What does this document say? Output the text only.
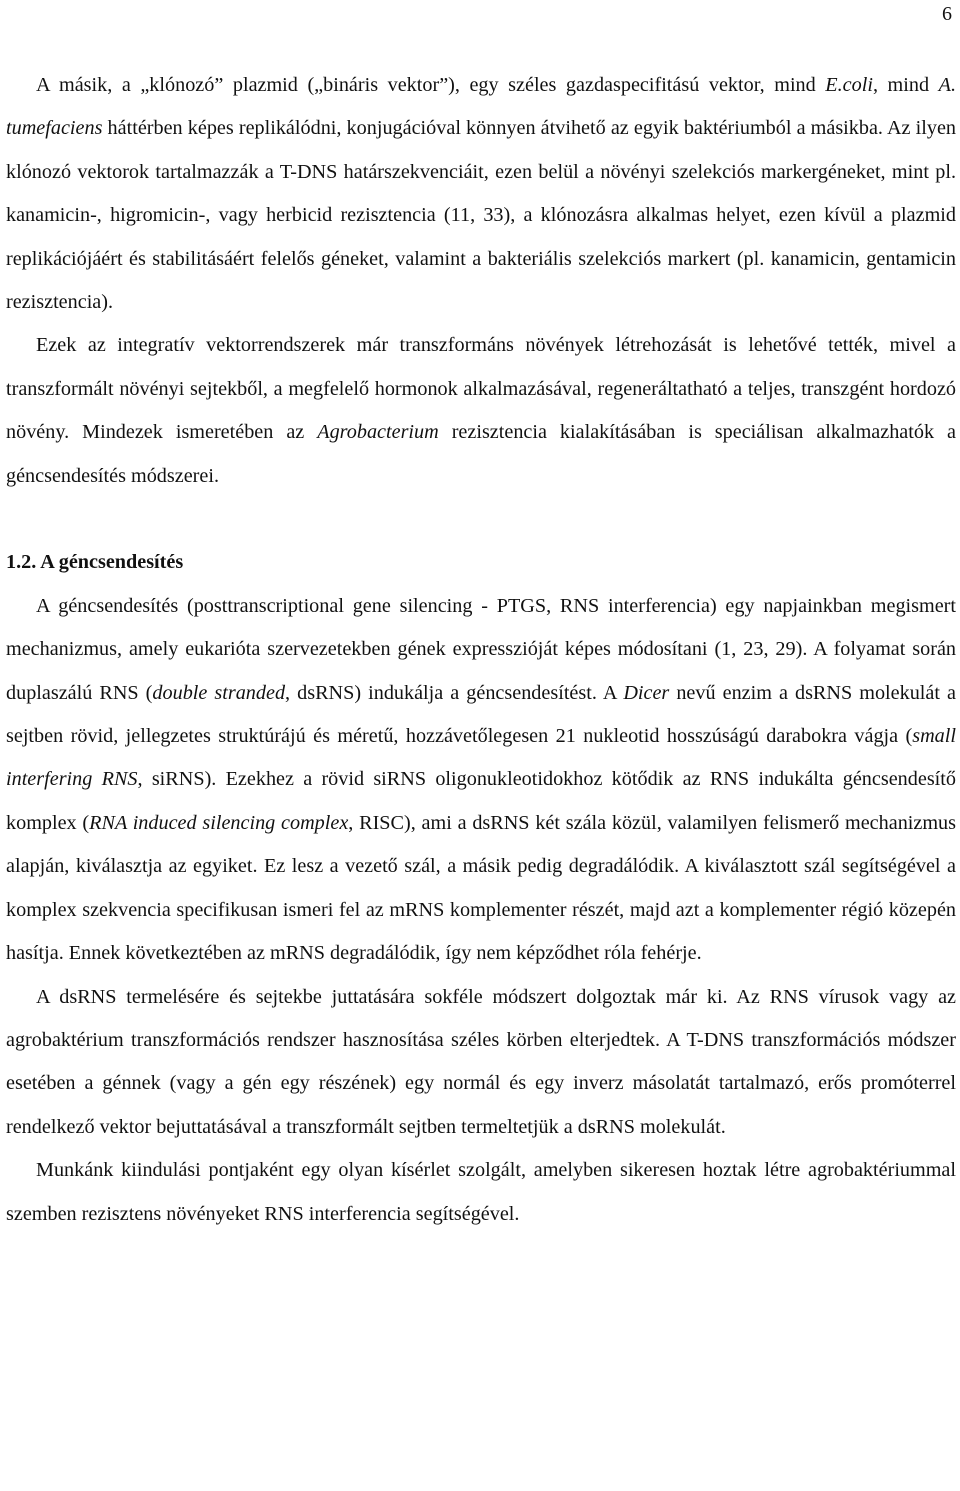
6

A másik, a „klónozó” plazmid („bináris vektor”), egy széles gazdaspecifitású vektor, mind E.coli, mind A. tumefaciens háttérben képes replikálódni, konjugációval könnyen átvihető az egyik baktériumból a másikba. Az ilyen klónozó vektorok tartalmazzák a T-DNS határszekvenciáit, ezen belül a növényi szelekciós markergéneket, mint pl. kanamicin-, higromicin-, vagy herbicid rezisztencia (11, 33), a klónozásra alkalmas helyet, ezen kívül a plazmid replikációjáért és stabilitásáért felelős géneket, valamint a bakteriális szelekciós markert (pl. kanamicin, gentamicin rezisztencia).

Ezek az integratív vektorrendszerek már transzformáns növények létrehozását is lehetővé tették, mivel a transzformált növényi sejtekből, a megfelelő hormonok alkalmazásával, regeneráltatható a teljes, transzgént hordozó növény. Mindezek ismeretében az Agrobacterium rezisztencia kialakításában is speciálisan alkalmazhatók a géncsendesítés módszerei.

1.2. A géncsendesítés

A géncsendesítés (posttranscriptional gene silencing - PTGS, RNS interferencia) egy napjainkban megismert mechanizmus, amely eukarióta szervezetekben gének expresszióját képes módosítani (1, 23, 29). A folyamat során duplaszálú RNS (double stranded, dsRNS) indukálja a géncsendesítést. A Dicer nevű enzim a dsRNS molekulát a sejtben rövid, jellegzetes struktúrájú és méretű, hozzávetőlegesen 21 nukleotid hosszúságú darabokra vágja (small interfering RNS, siRNS). Ezekhez a rövid siRNS oligonukleotidokhoz kötődik az RNS indukálta géncsendesítő komplex (RNA induced silencing complex, RISC), ami a dsRNS két szála közül, valamilyen felismerő mechanizmus alapján, kiválasztja az egyiket. Ez lesz a vezető szál, a másik pedig degradálódik. A kiválasztott szál segítségével a komplex szekvencia specifikusan ismeri fel az mRNS komplementer részét, majd azt a komplementer régió közepén hasítja. Ennek következtében az mRNS degradálódik, így nem képződhet róla fehérje.

A dsRNS termelésére és sejtekbe juttatására sokféle módszert dolgoztak már ki. Az RNS vírusok vagy az agrobaktérium transzformációs rendszer hasznosítása széles körben elterjedtek. A T-DNS transzformációs módszer esetében a génnek (vagy a gén egy részének) egy normál és egy inverz másolatát tartalmazó, erős promóterrel rendelkező vektor bejuttatásával a transzformált sejtben termeltetjük a dsRNS molekulát.

Munkánk kiindulási pontjaként egy olyan kísérlet szolgált, amelyben sikeresen hoztak létre agrobaktériummal szemben rezisztens növényeket RNS interferencia segítségével.
